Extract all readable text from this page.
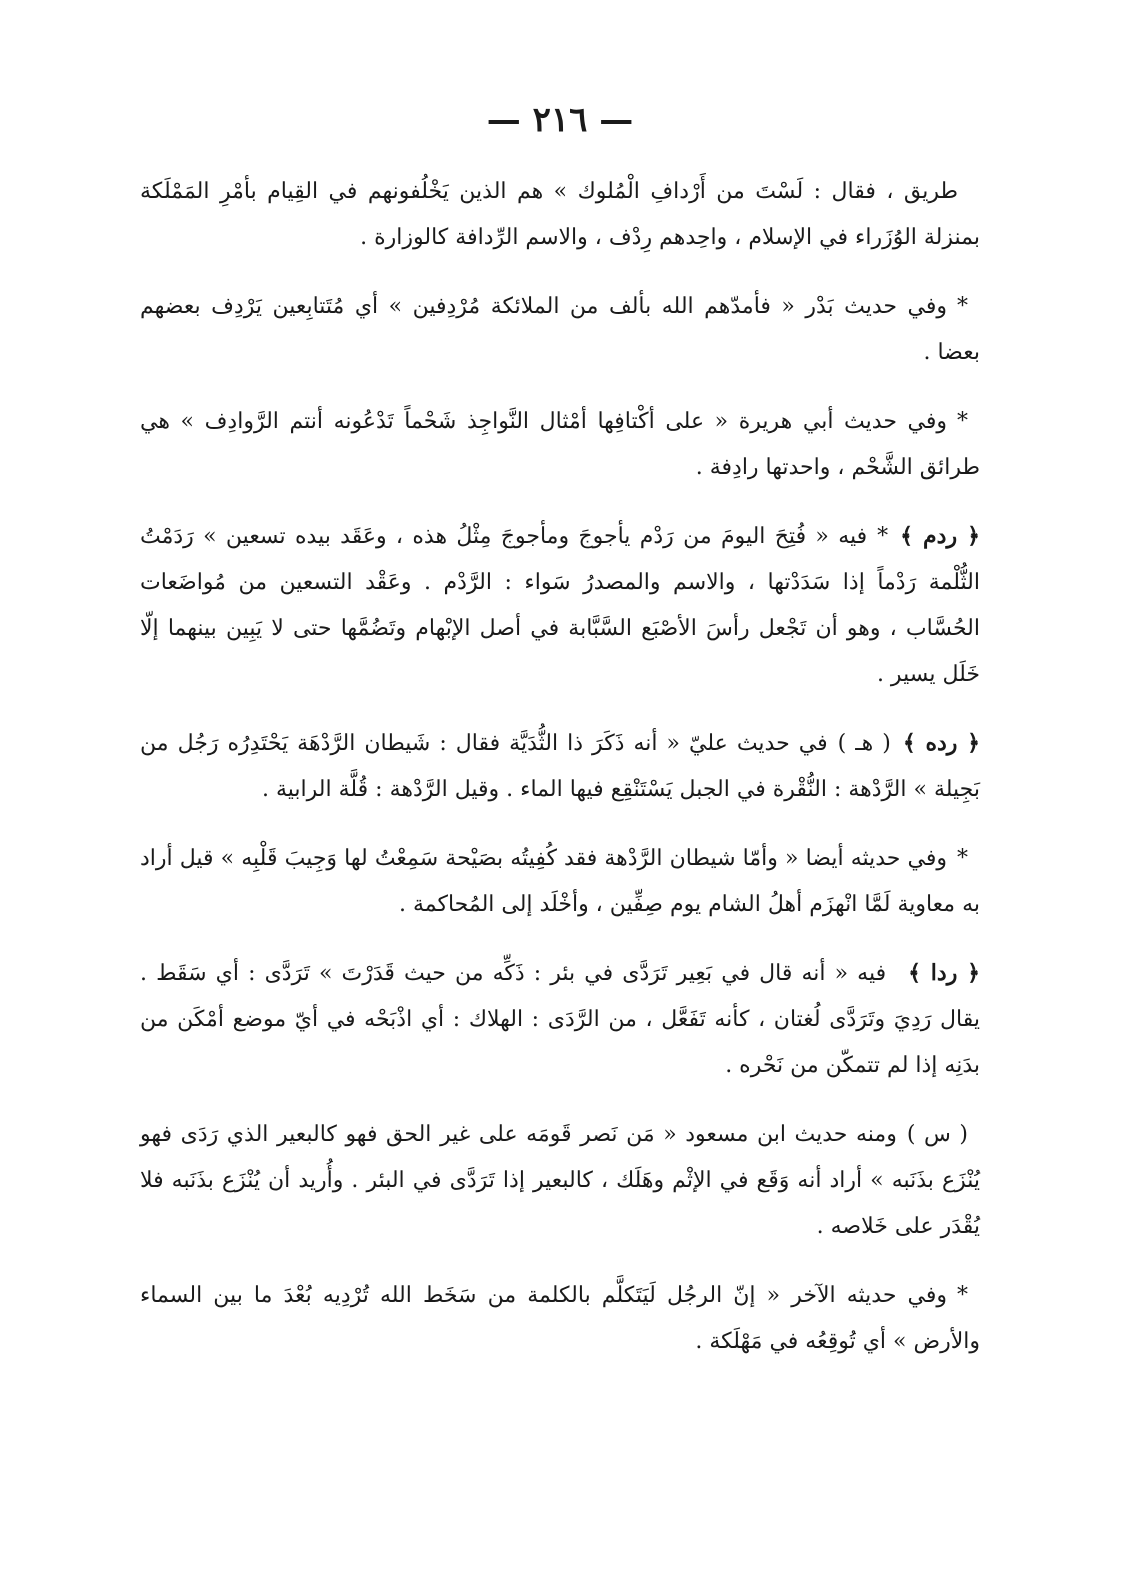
— ٢١٦ —

طريق ، فقال : لَسْتَ من أَرْدافِ الْمُلوك » هم الذين يَخْلُفونهم في القِيام بأمْرِ المَمْلَكة بمنزلة الوُزَراء في الإسلام ، واحِدهم رِدْف ، والاسم الرِّدافة كالوزارة .

*وفي حديث بَدْر « فأمدّهم الله بألف من الملائكة مُرْدِفين » أي مُتَتابِعين يَرْدِف بعضهم بعضا .

*وفي حديث أبي هريرة « على أكْتافِها أمْثال النَّواجِذ شَحْماً تَدْعُونه أنتم الرَّوادِف » هي طرائق الشَّحْم ، واحدتها رادِفة .

﴿ ردم ﴾*فيه « فُتِحَ اليومَ من رَدْم يأجوجَ ومأجوجَ مِثْلُ هذه ، وعَقَد بيده تسعين » رَدَمْتُ الثُّلْمة رَدْماً إذا سَدَدْتها ، والاسم والمصدرُ سَواء : الرَّدْم . وعَقْد التسعين من مُواضَعات الحُسَّاب ، وهو أن تَجْعل رأسَ الأصْبَع السَّبَّابة في أصل الإبْهام وتَضُمَّها حتى لا يَبِين بينهما إلّا خَلَل يسير .

﴿ رده ﴾( هـ )في حديث عليّ « أنه ذَكَرَ ذا الثُّدَيَّة فقال : شَيطان الرَّدْهَة يَحْتَدِرُه رَجُل من بَجِيلة » الرَّدْهة : النُّقْرة في الجبل يَسْتَنْقِع فيها الماء . وقيل الرَّدْهة : قُلَّة الرابية .

*وفي حديثه أيضا « وأمّا شيطان الرَّدْهة فقد كُفِيتُه بصَيْحة سَمِعْتُ لها وَجِيبَ قَلْبِه » قيل أراد به معاوية لَمَّا انْهزَم أهلُ الشام يوم صِفِّين ، وأخْلَد إلى المُحاكمة .

﴿ ردا ﴾فيه « أنه قال في بَعِير تَرَدَّى في بئر : ذَكِّه من حيث قَدَرْتَ » تَرَدَّى : أي سَقَط . يقال رَدِيَ وتَرَدَّى لُغتان ، كأنه تَفَعَّل ، من الرَّدَى : الهلاك : أي اذْبَحْه في أيّ موضع أمْكَن من بدَنِه إذا لم تتمكّن من نَحْره .

( س )ومنه حديث ابن مسعود « مَن نَصر قَومَه على غير الحق فهو كالبعير الذي رَدَى فهو يُنْزَع بذَنَبه » أراد أنه وَقَع في الإثْم وهَلَك ، كالبعير إذا تَرَدَّى في البئر . وأُريد أن يُنْزَع بذَنَبه فلا يُقْدَر على خَلاصه .

*وفي حديثه الآخر « إنّ الرجُل لَيَتَكلَّم بالكلمة من سَخَط الله تُرْدِيه بُعْدَ ما بين السماء والأرض » أي تُوقِعُه في مَهْلَكة .
